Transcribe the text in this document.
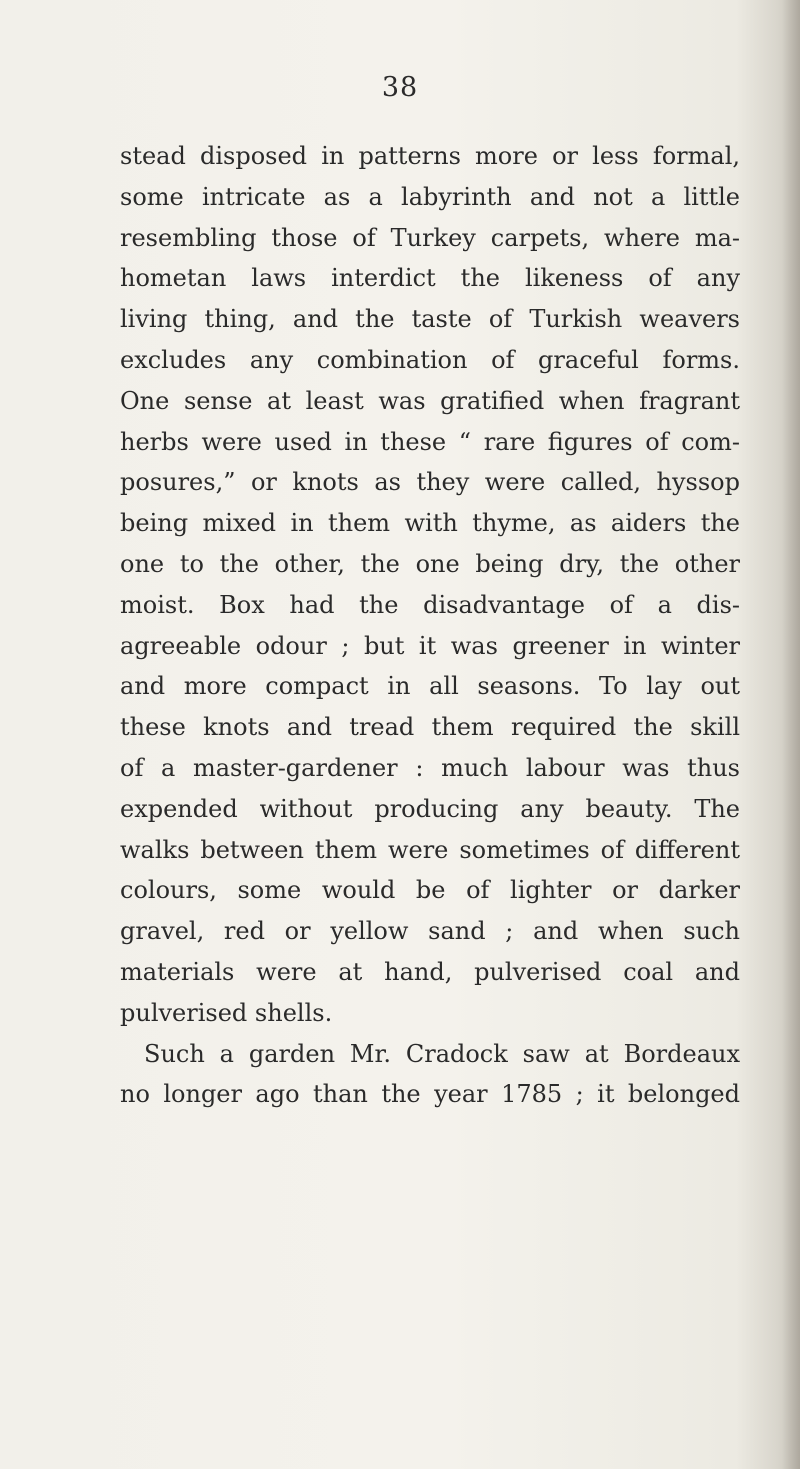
38
stead disposed in patterns more or less formal,
some intricate as a labyrinth and not a little
resembling those of Turkey carpets, where ma-
hometan laws interdict the likeness of any
living thing, and the taste of Turkish weavers
excludes any combination of graceful forms.
One sense at least was gratified when fragrant
herbs were used in these “ rare figures of com-
posures,” or knots as they were called, hyssop
being mixed in them with thyme, as aiders the
one to the other, the one being dry, the other
moist. Box had the disadvantage of a dis-
agreeable odour ; but it was greener in winter
and more compact in all seasons. To lay out
these knots and tread them required the skill
of a master-gardener : much labour was thus
expended without producing any beauty. The
walks between them were sometimes of different
colours, some would be of lighter or darker
gravel, red or yellow sand ; and when such
materials were at hand, pulverised coal and
pulverised shells.
Such a garden Mr. Cradock saw at Bordeaux
no longer ago than the year 1785 ; it belonged
